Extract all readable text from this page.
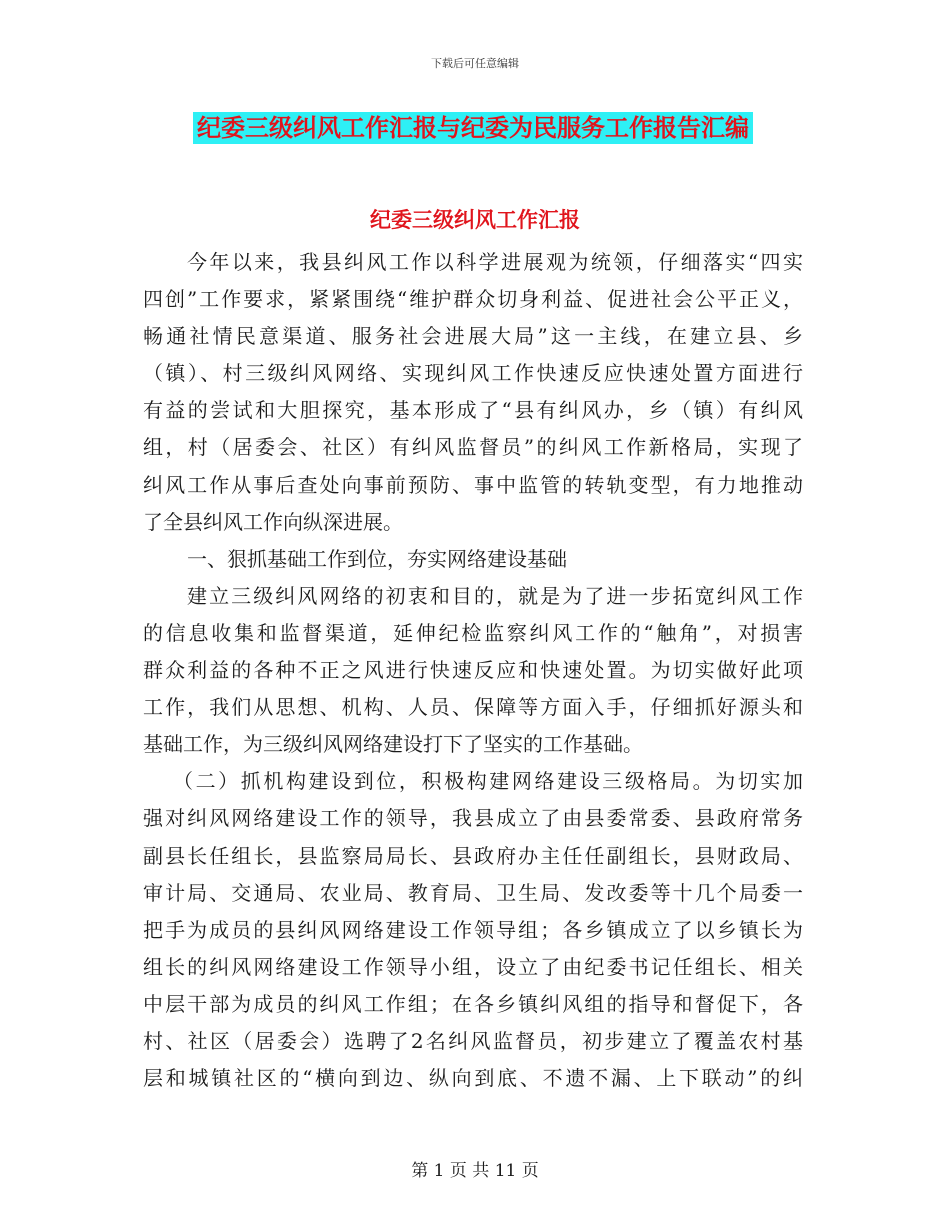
下载后可任意编辑
纪委三级纠风工作汇报与纪委为民服务工作报告汇编
纪委三级纠风工作汇报
今年以来，我县纠风工作以科学进展观为统领，仔细落实“四实
四创”工作要求，紧紧围绕“维护群众切身利益、促进社会公平正义，
畅通社情民意渠道、服务社会进展大局”这一主线，在建立县、乡
（镇）、村三级纠风网络、实现纠风工作快速反应快速处置方面进行
有益的尝试和大胆探究，基本形成了“县有纠风办，乡（镇）有纠风
组，村（居委会、社区）有纠风监督员”的纠风工作新格局，实现了
纠风工作从事后查处向事前预防、事中监管的转轨变型，有力地推动
了全县纠风工作向纵深进展。
一、狠抓基础工作到位，夯实网络建设基础
建立三级纠风网络的初衷和目的，就是为了进一步拓宽纠风工作
的信息收集和监督渠道，延伸纪检监察纠风工作的“触角”，对损害
群众利益的各种不正之风进行快速反应和快速处置。为切实做好此项
工作，我们从思想、机构、人员、保障等方面入手，仔细抓好源头和
基础工作，为三级纠风网络建设打下了坚实的工作基础。
（二）抓机构建设到位，积极构建网络建设三级格局。为切实加
强对纠风网络建设工作的领导，我县成立了由县委常委、县政府常务
副县长任组长，县监察局局长、县政府办主任任副组长，县财政局、
审计局、交通局、农业局、教育局、卫生局、发改委等十几个局委一
把手为成员的县纠风网络建设工作领导组；各乡镇成立了以乡镇长为
组长的纠风网络建设工作领导小组，设立了由纪委书记任组长、相关
中层干部为成员的纠风工作组；在各乡镇纠风组的指导和督促下，各
村、社区（居委会）选聘了2名纠风监督员，初步建立了覆盖农村基
层和城镇社区的“横向到边、纵向到底、不遗不漏、上下联动”的纠
第 1 页 共 11 页
